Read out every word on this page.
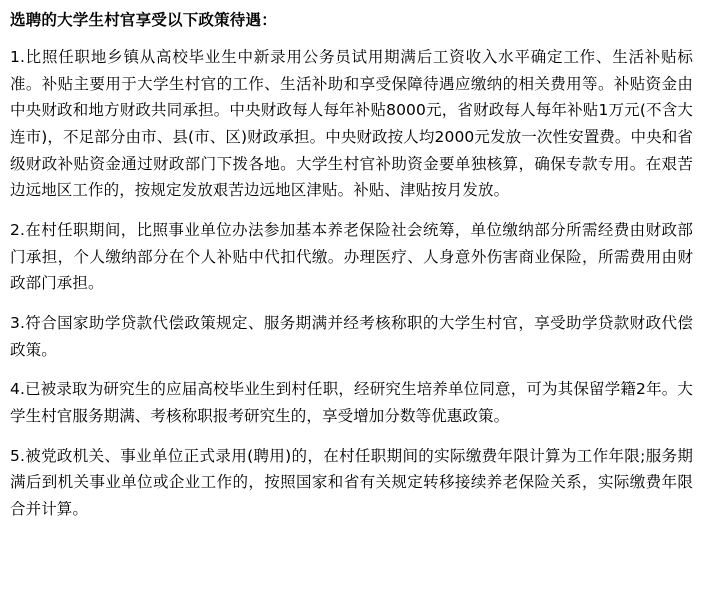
选聘的大学生村官享受以下政策待遇：

1.比照任职地乡镇从高校毕业生中新录用公务员试用期满后工资收入水平确定工作、生活补贴标准。补贴主要用于大学生村官的工作、生活补助和享受保障待遇应缴纳的相关费用等。补贴资金由中央财政和地方财政共同承担。中央财政每人每年补贴8000元，省财政每人每年补贴1万元(不含大连市)，不足部分由市、县(市、区)财政承担。中央财政按人均2000元发放一次性安置费。中央和省级财政补贴资金通过财政部门下拨各地。大学生村官补助资金要单独核算，确保专款专用。在艰苦边远地区工作的，按规定发放艰苦边远地区津贴。补贴、津贴按月发放。

2.在村任职期间，比照事业单位办法参加基本养老保险社会统筹，单位缴纳部分所需经费由财政部门承担，个人缴纳部分在个人补贴中代扣代缴。办理医疗、人身意外伤害商业保险，所需费用由财政部门承担。

3.符合国家助学贷款代偿政策规定、服务期满并经考核称职的大学生村官，享受助学贷款财政代偿政策。

4.已被录取为研究生的应届高校毕业生到村任职，经研究生培养单位同意，可为其保留学籍2年。大学生村官服务期满、考核称职报考研究生的，享受增加分数等优惠政策。

5.被党政机关、事业单位正式录用(聘用)的，在村任职期间的实际缴费年限计算为工作年限;服务期满后到机关事业单位或企业工作的，按照国家和省有关规定转移接续养老保险关系，实际缴费年限合并计算。
